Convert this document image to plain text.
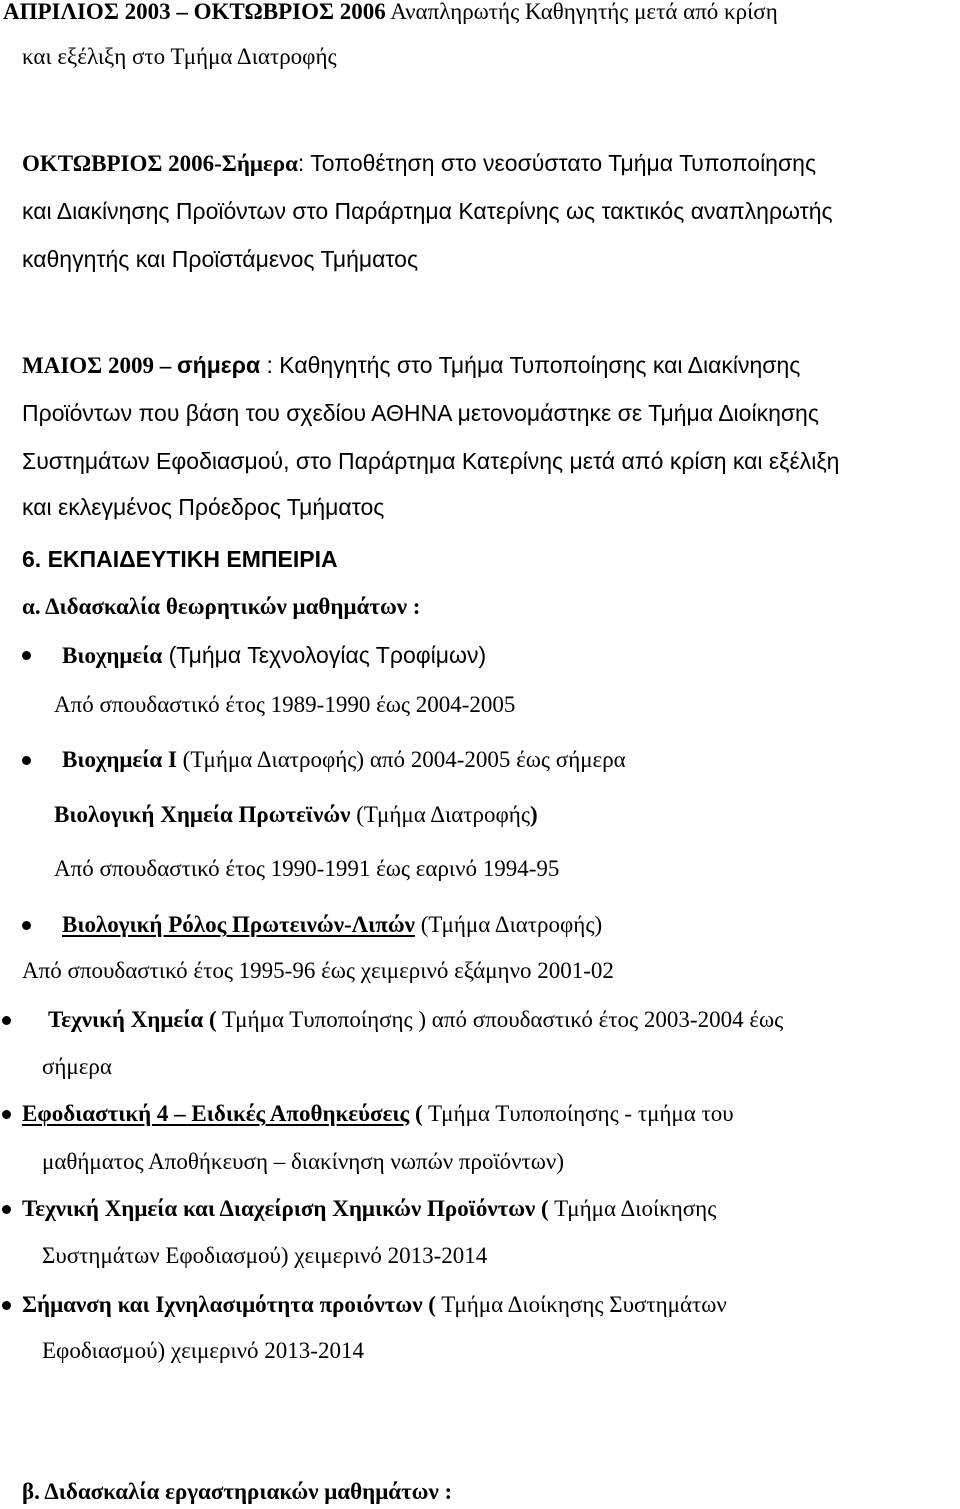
ΑΠΡΙΛΙΟΣ 2003 – ΟΚΤΩΒΡΙΟΣ 2006 Αναπληρωτής Καθηγητής μετά από κρίση
και εξέλιξη στο Τμήμα Διατροφής
ΟΚΤΩΒΡΙΟΣ 2006-Σήμερα: Τοποθέτηση στο νεοσύστατο Τμήμα Τυποποίησης
και Διακίνησης Προϊόντων στο Παράρτημα Κατερίνης ως τακτικός αναπληρωτής
καθηγητής και Προϊστάμενος Τμήματος
ΜΑΙΟΣ 2009 – σήμερα : Καθηγητής στο Τμήμα Τυποποίησης και Διακίνησης
Προϊόντων που βάση του σχεδίου ΑΘΗΝΑ μετονομάστηκε σε Τμήμα Διοίκησης
Συστημάτων Εφοδιασμού, στο Παράρτημα Κατερίνης μετά από κρίση και εξέλιξη
και εκλεγμένος Πρόεδρος Τμήματος
6. ΕΚΠΑΙΔΕΥΤΙΚΗ ΕΜΠΕΙΡΙΑ
α. Διδασκαλία θεωρητικών μαθημάτων :
Βιοχημεία (Τμήμα Τεχνολογίας Τροφίμων)
Από σπουδαστικό έτος 1989-1990 έως 2004-2005
Βιοχημεία Ι (Τμήμα Διατροφής) από 2004-2005 έως σήμερα
Βιολογική Χημεία Πρωτεϊνών (Τμήμα Διατροφής)
Από σπουδαστικό έτος 1990-1991 έως εαρινό 1994-95
Βιολογική Ρόλος Πρωτεινών-Λιπών (Τμήμα Διατροφής)
Από σπουδαστικό έτος 1995-96 έως χειμερινό εξάμηνο 2001-02
Τεχνική Χημεία ( Τμήμα Τυποποίησης ) από σπουδαστικό έτος 2003-2004 έως
σήμερα
Εφοδιαστική 4 – Ειδικές Αποθηκεύσεις ( Τμήμα Τυποποίησης - τμήμα του
μαθήματος Αποθήκευση – διακίνηση νωπών προϊόντων)
Τεχνική Χημεία και Διαχείριση Χημικών Προϊόντων ( Τμήμα Διοίκησης
Συστημάτων Εφοδιασμού) χειμερινό 2013-2014
Σήμανση και Ιχνηλασιμότητα προιόντων ( Τμήμα Διοίκησης Συστημάτων
Εφοδιασμού) χειμερινό 2013-2014
β. Διδασκαλία εργαστηριακών μαθημάτων :
